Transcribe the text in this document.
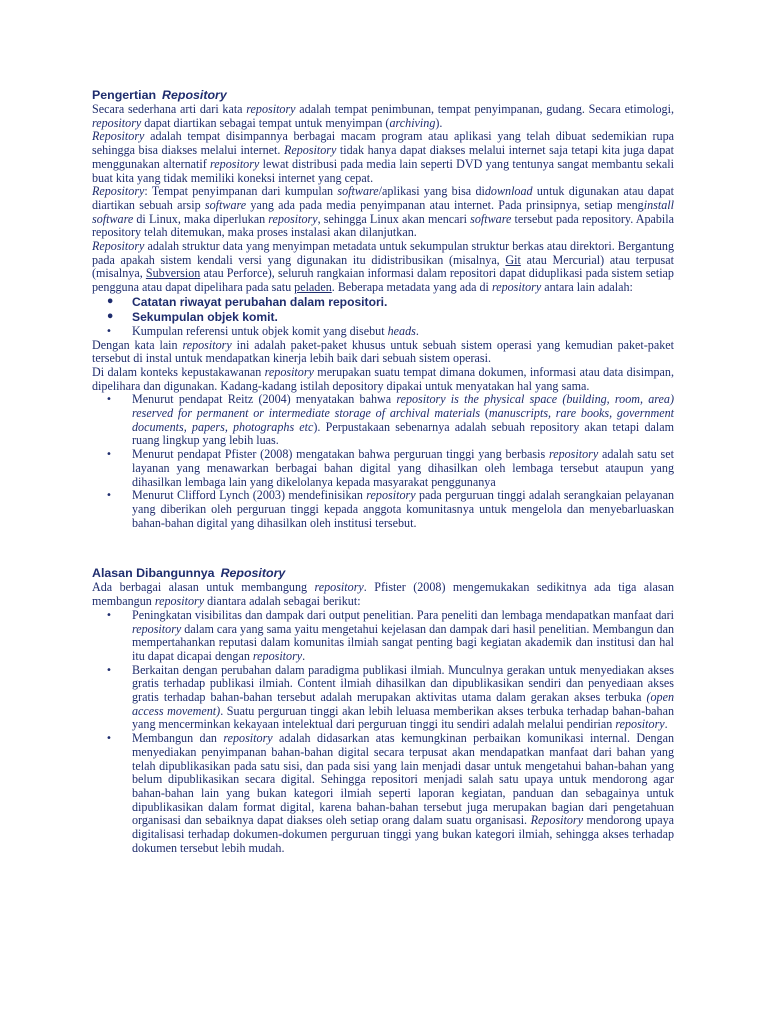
Pengertian Repository

Secara sederhana arti dari kata repository adalah tempat penimbunan, tempat penyimpanan, gudang. Secara etimologi, repository dapat diartikan sebagai tempat untuk menyimpan (archiving).

Repository adalah tempat disimpannya berbagai macam program atau aplikasi yang telah dibuat sedemikian rupa sehingga bisa diakses melalui internet. Repository tidak hanya dapat diakses melalui internet saja tetapi kita juga dapat menggunakan alternatif repository lewat distribusi pada media lain seperti DVD yang tentunya sangat membantu sekali buat kita yang tidak memiliki koneksi internet yang cepat.

Repository: Tempat penyimpanan dari kumpulan software/aplikasi yang bisa didownload untuk digunakan atau dapat diartikan sebuah arsip software yang ada pada media penyimpanan atau internet. Pada prinsipnya, setiap menginstall software di Linux, maka diperlukan repository, sehingga Linux akan mencari software tersebut pada repository. Apabila repository telah ditemukan, maka proses instalasi akan dilanjutkan.

Repository adalah struktur data yang menyimpan metadata untuk sekumpulan struktur berkas atau direktori. Bergantung pada apakah sistem kendali versi yang digunakan itu didistribusikan (misalnya, Git atau Mercurial) atau terpusat (misalnya, Subversion atau Perforce), seluruh rangkaian informasi dalam repositori dapat diduplikasi pada sistem setiap pengguna atau dapat dipelihara pada satu peladen. Beberapa metadata yang ada di repository antara lain adalah:

• Catatan riwayat perubahan dalam repositori.
• Sekumpulan objek komit.
• Kumpulan referensi untuk objek komit yang disebut heads.

Dengan kata lain repository ini adalah paket-paket khusus untuk sebuah sistem operasi yang kemudian paket-paket tersebut di instal untuk mendapatkan kinerja lebih baik dari sebuah sistem operasi.

Di dalam konteks kepustakawanan repository merupakan suatu tempat dimana dokumen, informasi atau data disimpan, dipelihara dan digunakan. Kadang-kadang istilah depository dipakai untuk menyatakan hal yang sama.

• Menurut pendapat Reitz (2004) menyatakan bahwa repository is the physical space (building, room, area) reserved for permanent or intermediate storage of archival materials (manuscripts, rare books, government documents, papers, photographs etc). Perpustakaan sebenarnya adalah sebuah repository akan tetapi dalam ruang lingkup yang lebih luas.
• Menurut pendapat Pfister (2008) mengatakan bahwa perguruan tinggi yang berbasis repository adalah satu set layanan yang menawarkan berbagai bahan digital yang dihasilkan oleh lembaga tersebut ataupun yang dihasilkan lembaga lain yang dikelolanya kepada masyarakat penggunanya
• Menurut Clifford Lynch (2003) mendefinisikan repository pada perguruan tinggi adalah serangkaian pelayanan yang diberikan oleh perguruan tinggi kepada anggota komunitasnya untuk mengelola dan menyebarluaskan bahan-bahan digital yang dihasilkan oleh institusi tersebut.
Alasan Dibangunnya Repository

Ada berbagai alasan untuk membangung repository. Pfister (2008) mengemukakan sedikitnya ada tiga alasan membangun repository diantara adalah sebagai berikut:

• Peningkatan visibilitas dan dampak dari output penelitian. Para peneliti dan lembaga mendapatkan manfaat dari repository dalam cara yang sama yaitu mengetahui kejelasan dan dampak dari hasil penelitian. Membangun dan mempertahankan reputasi dalam komunitas ilmiah sangat penting bagi kegiatan akademik dan institusi dan hal itu dapat dicapai dengan repository.
• Berkaitan dengan perubahan dalam paradigma publikasi ilmiah. Munculnya gerakan untuk menyediakan akses gratis terhadap publikasi ilmiah. Content ilmiah dihasilkan dan dipublikasikan sendiri dan penyediaan akses gratis terhadap bahan-bahan tersebut adalah merupakan aktivitas utama dalam gerakan akses terbuka (open access movement). Suatu perguruan tinggi akan lebih leluasa memberikan akses terbuka terhadap bahan-bahan yang mencerminkan kekayaan intelektual dari perguruan tinggi itu sendiri adalah melalui pendirian repository.
• Membangun dan repository adalah didasarkan atas kemungkinan perbaikan komunikasi internal. Dengan menyediakan penyimpanan bahan-bahan digital secara terpusat akan mendapatkan manfaat dari bahan yang telah dipublikasikan pada satu sisi, dan pada sisi yang lain menjadi dasar untuk mengetahui bahan-bahan yang belum dipublikasikan secara digital. Sehingga repositori menjadi salah satu upaya untuk mendorong agar bahan-bahan lain yang bukan kategori ilmiah seperti laporan kegiatan, panduan dan sebagainya untuk dipublikasikan dalam format digital, karena bahan-bahan tersebut juga merupakan bagian dari pengetahuan organisasi dan sebaiknya dapat diakses oleh setiap orang dalam suatu organisasi. Repository mendorong upaya digitalisasi terhadap dokumen-dokumen perguruan tinggi yang bukan kategori ilmiah, sehingga akses terhadap dokumen tersebut lebih mudah.
